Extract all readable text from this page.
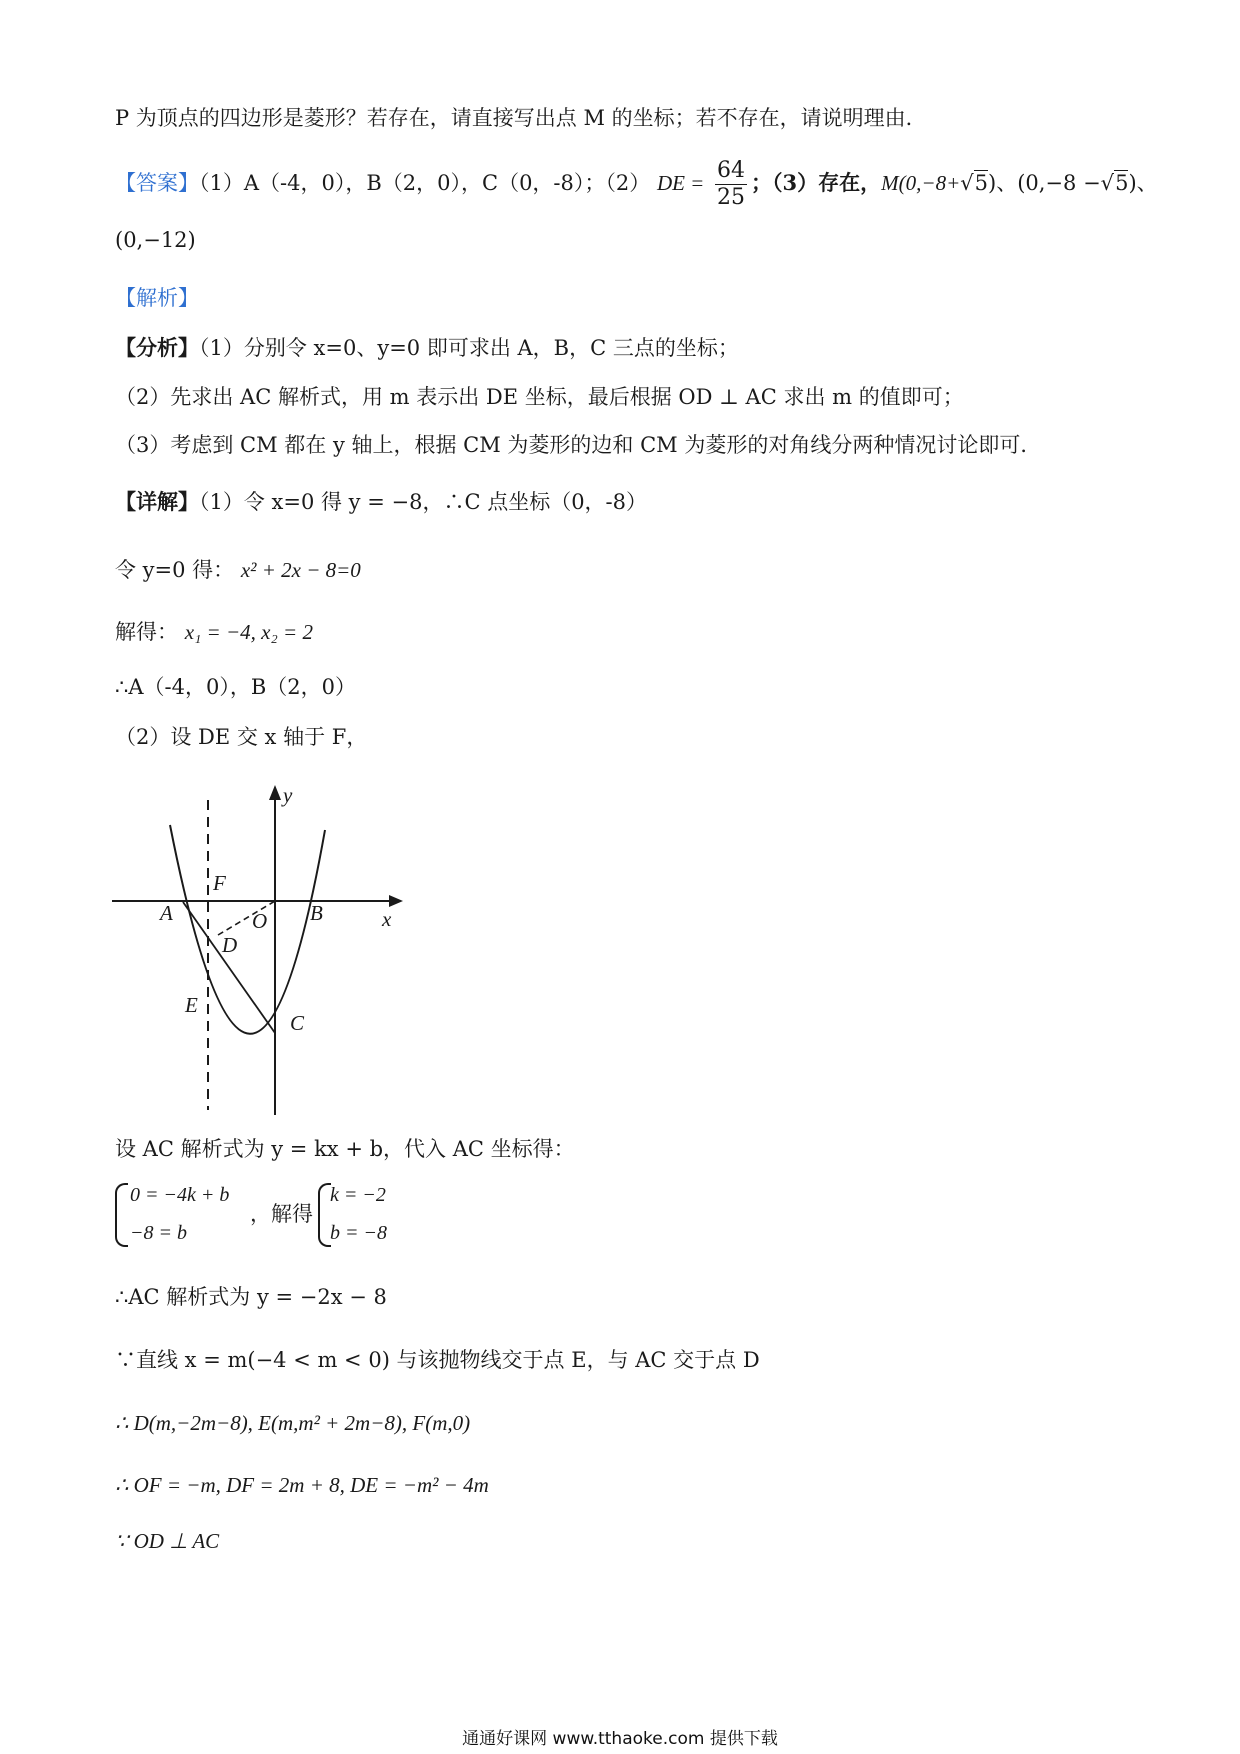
P 为顶点的四边形是菱形？若存在，请直接写出点 M 的坐标；若不存在，请说明理由．
【答案】（1）A（-4，0），B（2，0），C（0，-8）；（2） DE = $\frac{64}{25}$ ；（3）存在，M(0,−8+√5)、(0,−8 −√5)、
(0,−12)
【解析】
【分析】（1）分别令 x=0、y=0 即可求出 A，B，C 三点的坐标；
（2）先求出 AC 解析式，用 m 表示出 DE 坐标，最后根据 OD ⊥ AC 求出 m 的值即可；
（3）考虑到 CM 都在 y 轴上，根据 CM 为菱形的边和 CM 为菱形的对角线分两种情况讨论即可．
【详解】（1）令 x=0 得 y = −8，∴C 点坐标（0，-8）
令 y=0 得： x² + 2x − 8=0
解得： x₁ = −4, x₂ = 2
∴A（-4，0），B（2，0）
（2）设 DE 交 x 轴于 F，
y
x
A
F
O B
D
E
C
设 AC 解析式为 y = kx + b，代入 AC 坐标得：
0 = −4k + b
−8 = b
，解得
k = −2
b = −8
∴AC 解析式为 y = −2x − 8
∵直线 x = m(−4 < m < 0) 与该抛物线交于点 E，与 AC 交于点 D
∴ D(m,−2m−8), E(m,m² + 2m−8), F(m,0)
∴ OF = −m, DF = 2m + 8, DE = −m² − 4m
∵ OD ⊥ AC
通通好课网 www.tthaoke.com 提供下载
